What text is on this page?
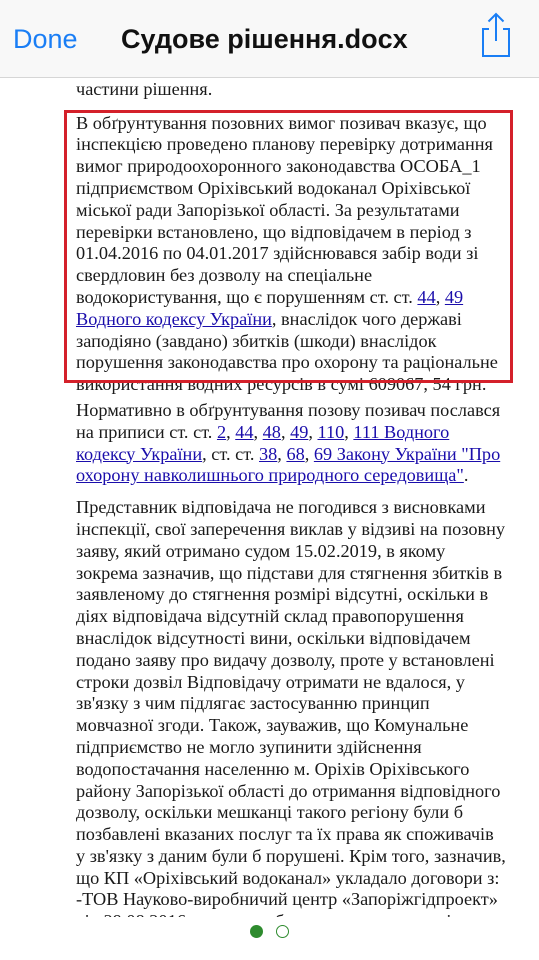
Done Судове рішення.docx

частини рішення.
В обґрунтування позовних вимог позивач вказує, що інспекцією проведено планову перевірку дотримання вимог природоохоронного законодавства ОСОБА_1 підприємством Оріхівський водоканал Оріхівської міської ради Запорізької області. За результатами перевірки встановлено, що відповідачем в період з 01.04.2016 по 04.01.2017 здійснювався забір води зі свердловин без дозволу на спеціальне водокористування, що є порушенням ст. ст. 44, 49 Водного кодексу України, внаслідок чого державі заподіяно (завдано) збитків (шкоди) внаслідок порушення законодавства про охорону та раціональне використання водних ресурсів в сумі 609067, 54 грн.
Нормативно в обґрунтування позову позивач послався на приписи ст. ст. 2, 44, 48, 49, 110, 111 Водного кодексу України, ст. ст. 38, 68, 69 Закону України "Про охорону навколишнього природного середовища".
Представник відповідача не погодився з висновками інспекції, свої заперечення виклав у відзиві на позовну заяву, який отримано судом 15.02.2019, в якому зокрема зазначив, що підстави для стягнення збитків в заявленому до стягнення розмірі відсутні, оскільки в діях відповідача відсутній склад правопорушення внаслідок відсутності вини, оскільки відповідачем подано заяву про видачу дозволу, проте у встановлені строки дозвіл Відповідачу отримати не вдалося, у зв'язку з чим підлягає застосуванню принцип мовчазної згоди. Також, зауважив, що Комунальне підприємство не могло зупинити здійснення водопостачання населенню м. Оріхів Оріхівського району Запорізької області до отримання відповідного дозволу, оскільки мешканці такого регіону були б позбавлені вказаних послуг та їх права як споживачів у зв'язку з даним були б порушені. Крім того, зазначив, що КП «Оріхівський водоканал» укладало договори з: -ТОВ Науково-виробничий центр «Запоріжгідпроект»
